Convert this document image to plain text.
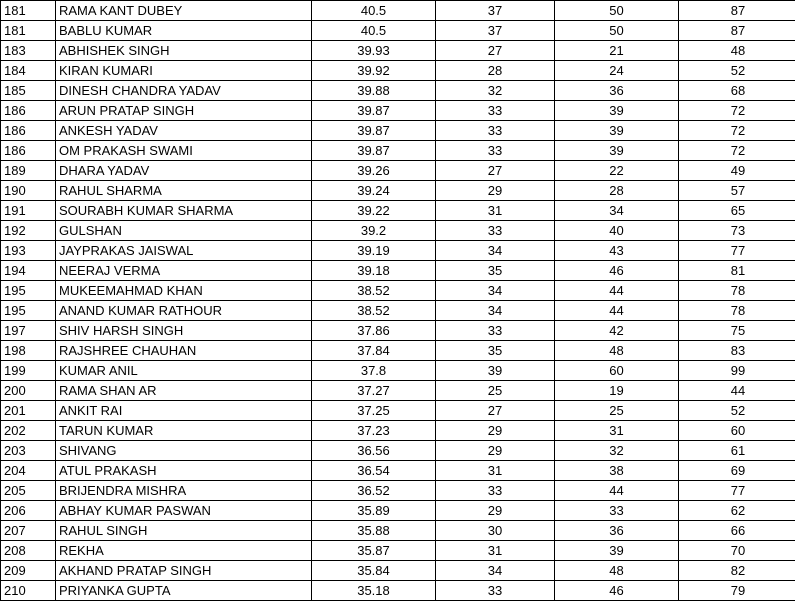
181	RAMA KANT DUBEY	40.5	37	50	87
181	BABLU KUMAR	40.5	37	50	87
183	ABHISHEK SINGH	39.93	27	21	48
184	KIRAN KUMARI	39.92	28	24	52
185	DINESH CHANDRA YADAV	39.88	32	36	68
186	ARUN PRATAP SINGH	39.87	33	39	72
186	ANKESH YADAV	39.87	33	39	72
186	OM PRAKASH SWAMI	39.87	33	39	72
189	DHARA YADAV	39.26	27	22	49
190	RAHUL SHARMA	39.24	29	28	57
191	SOURABH KUMAR SHARMA	39.22	31	34	65
192	GULSHAN	39.2	33	40	73
193	JAYPRAKAS JAISWAL	39.19	34	43	77
194	NEERAJ VERMA	39.18	35	46	81
195	MUKEEMAHMAD KHAN	38.52	34	44	78
195	ANAND KUMAR RATHOUR	38.52	34	44	78
197	SHIV HARSH SINGH	37.86	33	42	75
198	RAJSHREE CHAUHAN	37.84	35	48	83
199	KUMAR ANIL	37.8	39	60	99
200	RAMA SHAN AR	37.27	25	19	44
201	ANKIT RAI	37.25	27	25	52
202	TARUN KUMAR	37.23	29	31	60
203	SHIVANG	36.56	29	32	61
204	ATUL PRAKASH	36.54	31	38	69
205	BRIJENDRA MISHRA	36.52	33	44	77
206	ABHAY KUMAR PASWAN	35.89	29	33	62
207	RAHUL SINGH	35.88	30	36	66
208	REKHA	35.87	31	39	70
209	AKHAND PRATAP SINGH	35.84	34	48	82
210	PRIYANKA GUPTA	35.18	33	46	79
